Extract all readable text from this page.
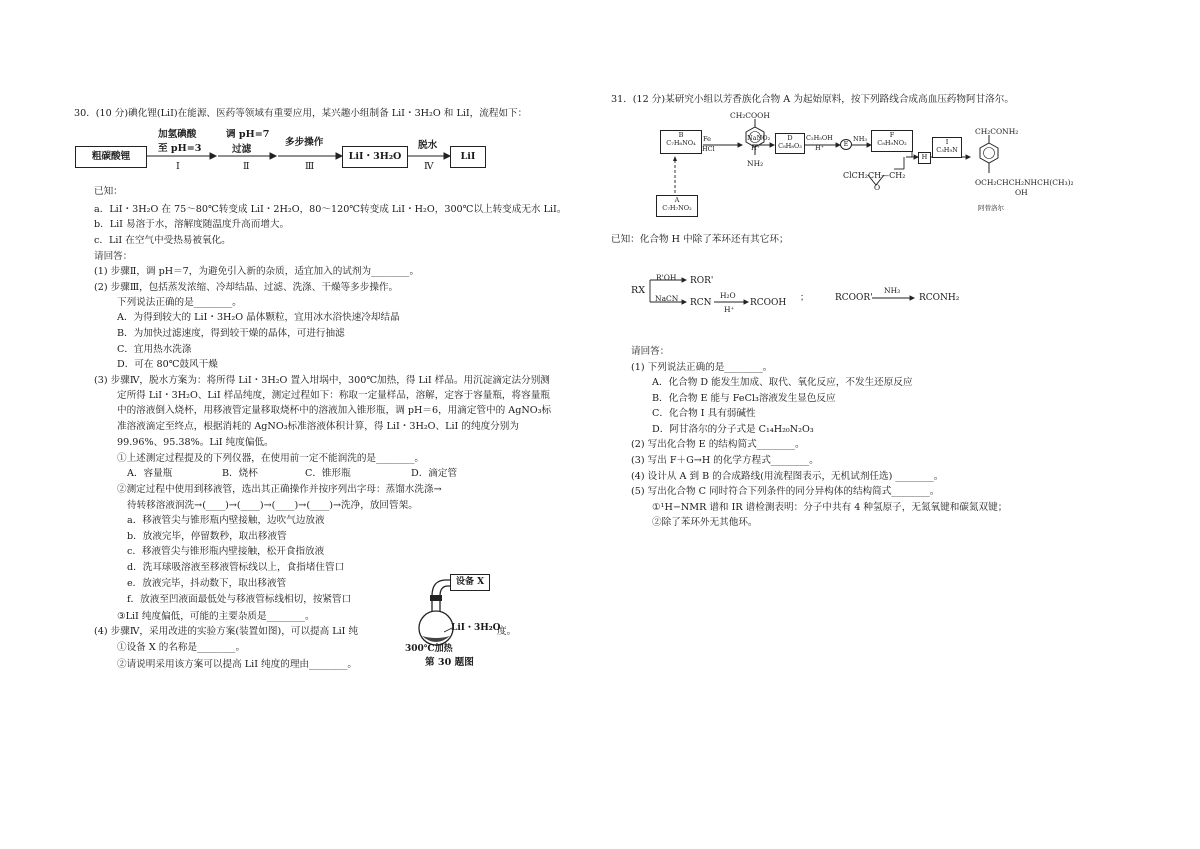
30．(10 分)碘化锂(LiI)在能源、医药等领域有重要应用，某兴趣小组制备 LiI・3H₂O 和 LiI，流程如下：
粗碳酸锂
加氢碘酸
至 pH=3
I
调 pH=7
过滤
Ⅱ
多步操作
Ⅲ
LiI・3H₂O
脱水
Ⅳ
LiI
已知：
a．LiI・3H₂O 在 75～80℃转变成 LiI・2H₂O，80～120℃转变成 LiI・H₂O，300℃以上转变成无水 LiI。
b．LiI 易溶于水，溶解度随温度升高而增大。
c．LiI 在空气中受热易被氧化。
请回答：
(1) 步骤Ⅱ，调 pH＝7，为避免引入新的杂质，适宜加入的试剂为________。
(2) 步骤Ⅲ，包括蒸发浓缩、冷却结晶、过滤、洗涤、干燥等多步操作。
下列说法正确的是________。
A．为得到较大的 LiI・3H₂O 晶体颗粒，宜用冰水浴快速冷却结晶
B．为加快过滤速度，得到较干燥的晶体，可进行抽滤
C．宜用热水洗涤
D．可在 80℃鼓风干燥
(3) 步骤Ⅳ，脱水方案为：将所得 LiI・3H₂O 置入坩埚中，300℃加热，得 LiI 样品。用沉淀滴定法分别测
定所得 LiI・3H₂O、LiI 样品纯度，测定过程如下：称取一定量样品，溶解，定容于容量瓶，将容量瓶
中的溶液倒入烧杯，用移液管定量移取烧杯中的溶液加入锥形瓶，调 pH＝6，用滴定管中的 AgNO₃标
准溶液滴定至终点，根据消耗的 AgNO₃标准溶液体积计算，得 LiI・3H₂O、LiI 的纯度分别为
99.96%、95.38%。LiI 纯度偏低。
①上述测定过程提及的下列仪器，在使用前一定不能润洗的是________。
A．容量瓶	B．烧杯	C．锥形瓶	D．滴定管
②测定过程中使用到移液管，选出其正确操作并按序列出字母：蒸馏水洗涤→
待转移溶液润洗→(____)→(____)→(____)→(____)→洗净，放回管架。
a．移液管尖与锥形瓶内壁接触，边吹气边放液
b．放液完毕，停留数秒，取出移液管
c．移液管尖与锥形瓶内壁接触，松开食指放液
d．洗耳球吸溶液至移液管标线以上，食指堵住管口
e．放液完毕，抖动数下，取出移液管
f．放液至凹液面最低处与移液管标线相切，按紧管口
③LiI 纯度偏低，可能的主要杂质是________。
(4) 步骤Ⅳ，采用改进的实验方案(装置如图)，可以提高 LiI 纯	度。
①设备 X 的名称是________。
②请说明采用该方案可以提高 LiI 纯度的理由________。
设备 X
LiI・3H₂O
300℃加热
第 30 题图
31．(12 分)某研究小组以芳香族化合物 A 为起始原料，按下列路线合成高血压药物阿甘洛尔。
B
C₇H₆NO₄	Fe
HCl
CH₂COOH
NaNO₂
H⁺
NH₂
D
C₈H₈O₃
C₂H₅OH
H⁺	E
NH₃	F
C₈H₉NO₂
ClCH₂CH—CH₂
O
H
I
C₃H₉N
CH₂CONH₂
OCH₂CHCH₂NHCH(CH₃)₂
OH
阿替洛尔
A
C₇H₇NO₂
已知：化合物 H 中除了苯环还有其它环；
RX
R'OH ROR'
NaCN RCN
H₂O
H⁺
RCOOH ；	RCOOR'
NH₃
RCONH₂
请回答：
(1) 下列说法正确的是________。
A．化合物 D 能发生加成、取代、氧化反应，不发生还原反应
B．化合物 E 能与 FeCl₃溶液发生显色反应
C．化合物 I 具有弱碱性
D．阿甘洛尔的分子式是 C₁₄H₂₀N₂O₃
(2) 写出化合物 E 的结构简式________。
(3) 写出 F＋G→H 的化学方程式________。
(4) 设计从 A 到 B 的合成路线(用流程图表示，无机试剂任选) ________。
(5) 写出化合物 C 同时符合下列条件的同分异构体的结构简式________。
①¹H−NMR 谱和 IR 谱检测表明：分子中共有 4 种氢原子，无氮氧键和碳氮双键；
②除了苯环外无其他环。
